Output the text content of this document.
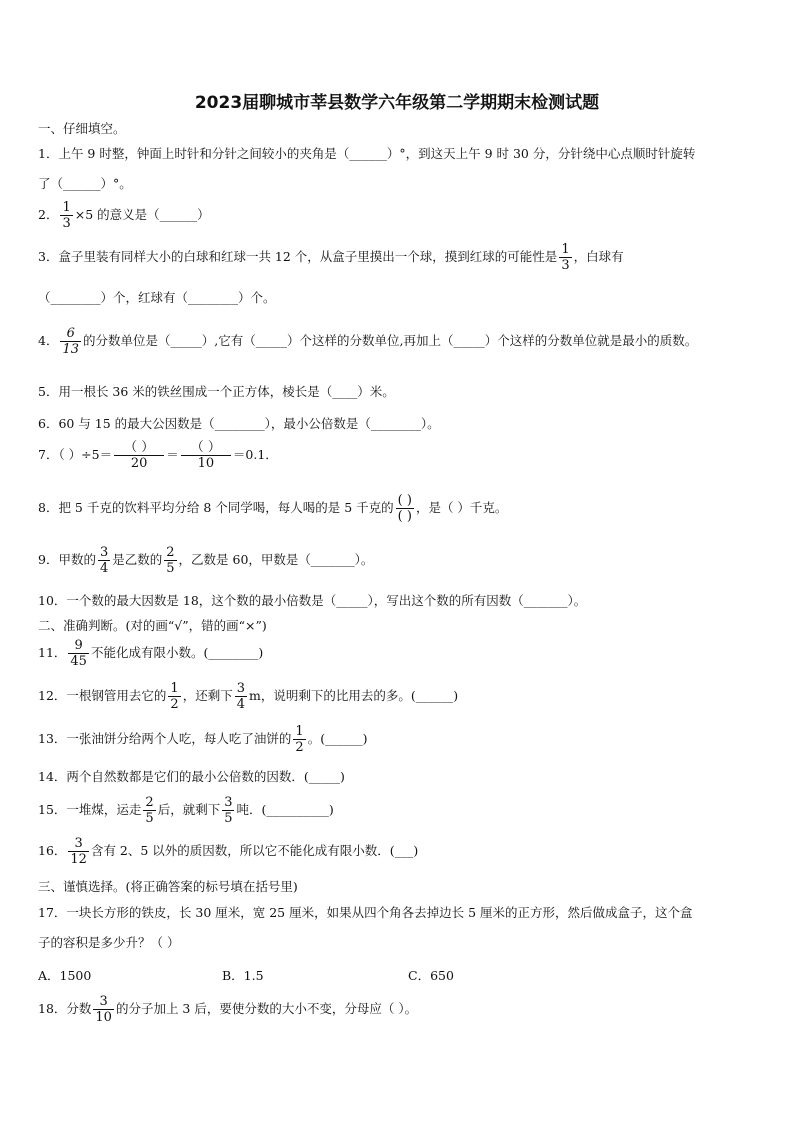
2023届聊城市莘县数学六年级第二学期期末检测试题
一、仔细填空。
1．上午 9 时整，钟面上时针和分针之间较小的夹角是（______）°，到这天上午 9 时 30 分，分针绕中心点顺时针旋转
了（______）°。
2． $\frac{1}{3} \times 5$ 的意义是（______）
3．盒子里装有同样大小的白球和红球一共 12 个，从盒子里摸出一个球，摸到红球的可能性是 $\frac{1}{3}$ ，白球有
（________）个，红球有（________）个。
4． $\frac{6}{13}$ 的分数单位是（_____）,它有（_____）个这样的分数单位,再加上（_____）个这样的分数单位就是最小的质数。
5．用一根长 36 米的铁丝围成一个正方体，棱长是（____）米。
6．60 与 15 的最大公因数是（________），最小公倍数是（________）。
7．（ ）$\div 5= \frac{( )}{20} = \frac{( )}{10} =0.1$．
8．把 5 千克的饮料平均分给 8 个同学喝，每人喝的是 5 千克的 $\frac{( )}{( )}$ ，是（ ）千克。
9．甲数的 $\frac{3}{4}$ 是乙数的 $\frac{2}{5}$ ，乙数是 60，甲数是（_______）。
10．一个数的最大因数是 18，这个数的最小倍数是（_____），写出这个数的所有因数（_______）。
二、准确判断。(对的画“√”，错的画“×”)
11． $\frac{9}{45}$ 不能化成有限小数。(________)
12．一根钢管用去它的 $\frac{1}{2}$ ，还剩下 $\frac{3}{4}$ m，说明剩下的比用去的多。(______)
13．一张油饼分给两个人吃，每人吃了油饼的 $\frac{1}{2}$ 。(______)
14．两个自然数都是它们的最小公倍数的因数．(_____)
15．一堆煤，运走 $\frac{2}{5}$ 后，就剩下 $\frac{3}{5}$ 吨．(__________)
16． $\frac{3}{12}$ 含有 2、5 以外的质因数，所以它不能化成有限小数．(___)
三、谨慎选择。(将正确答案的标号填在括号里)
17．一块长方形的铁皮，长 30 厘米，宽 25 厘米，如果从四个角各去掉边长 5 厘米的正方形，然后做成盒子，这个盒
子的容积是多少升？（ ）
A．1500	B．1.5	C．650
18．分数 $\frac{3}{10}$ 的分子加上 3 后，要使分数的大小不变，分母应（ ）。
